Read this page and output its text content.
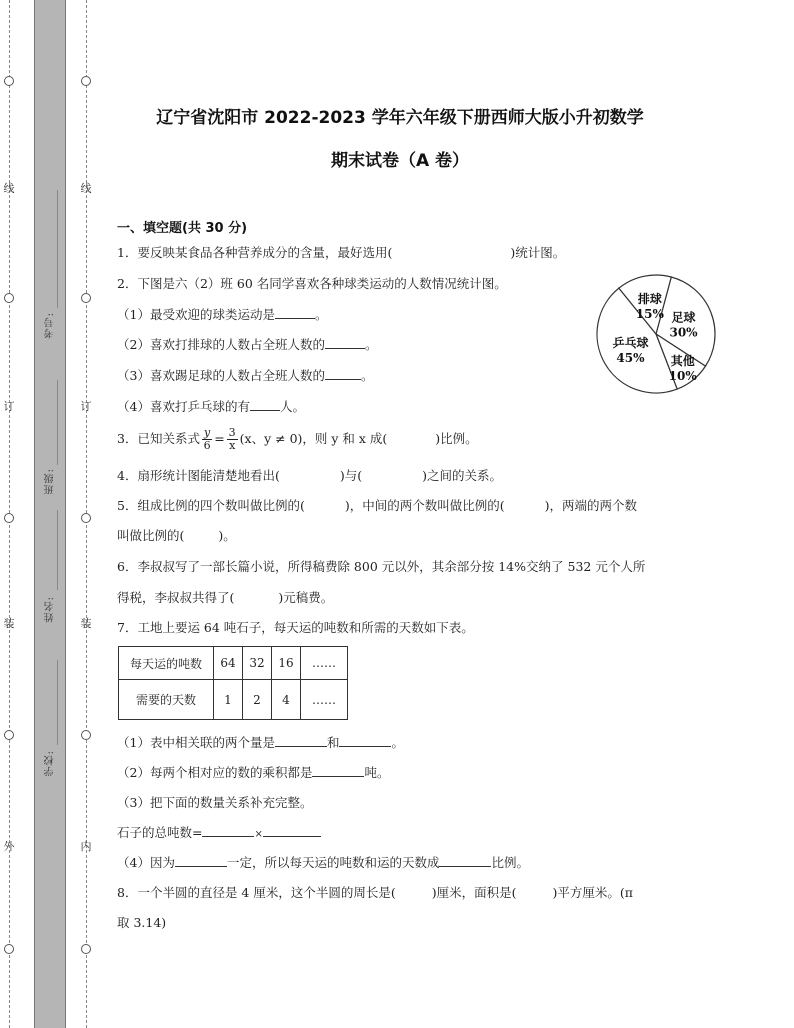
线
订
装
外
线
订
内
装
考号:
班级:
姓名:
学校:
辽宁省沈阳市 2022-2023 学年六年级下册西师大版小升初数学
期末试卷（A 卷）
一、填空题(共 30 分)
1．要反映某食品各种营养成分的含量，最好选用(	)统计图。
2．下图是六（2）班 60 名同学喜欢各种球类运动的人数情况统计图。
（1）最受欢迎的球类运动是	。
（2）喜欢打排球的人数占全班人数的	。
（3）喜欢踢足球的人数占全班人数的	。
（4）喜欢打乒乓球的有 人。
足球
30%
其他
10%
乒乓球
45%
排球
15%
3．已知关系式 $\frac{y}{6} = \frac{3}{x} (x$、y ≠ 0)，则 y 和 x 成(	)比例。
4．扇形统计图能清楚地看出(	)与(	)之间的关系。
5．组成比例的四个数叫做比例的(	)，中间的两个数叫做比例的(	)，两端的两个数
叫做比例的(	)。
6．李叔叔写了一部长篇小说，所得稿费除 800 元以外，其余部分按 14%交纳了 532 元个人所
得税，李叔叔共得了(	)元稿费。
7．工地上要运 64 吨石子，每天运的吨数和所需的天数如下表。
每天运的吨数	64	32	16	……
需要的天数	1	2	4	……
（1）表中相关联的两个量是	和	。
（2）每两个相对应的数的乘积都是	吨。
（3）把下面的数量关系补充完整。
石子的总吨数=	×
（4）因为	一定，所以每天运的吨数和运的天数成	比例。
8．一个半圆的直径是 4 厘米，这个半圆的周长是(	)厘米，面积是(	)平方厘米。(π
取 3.14)
